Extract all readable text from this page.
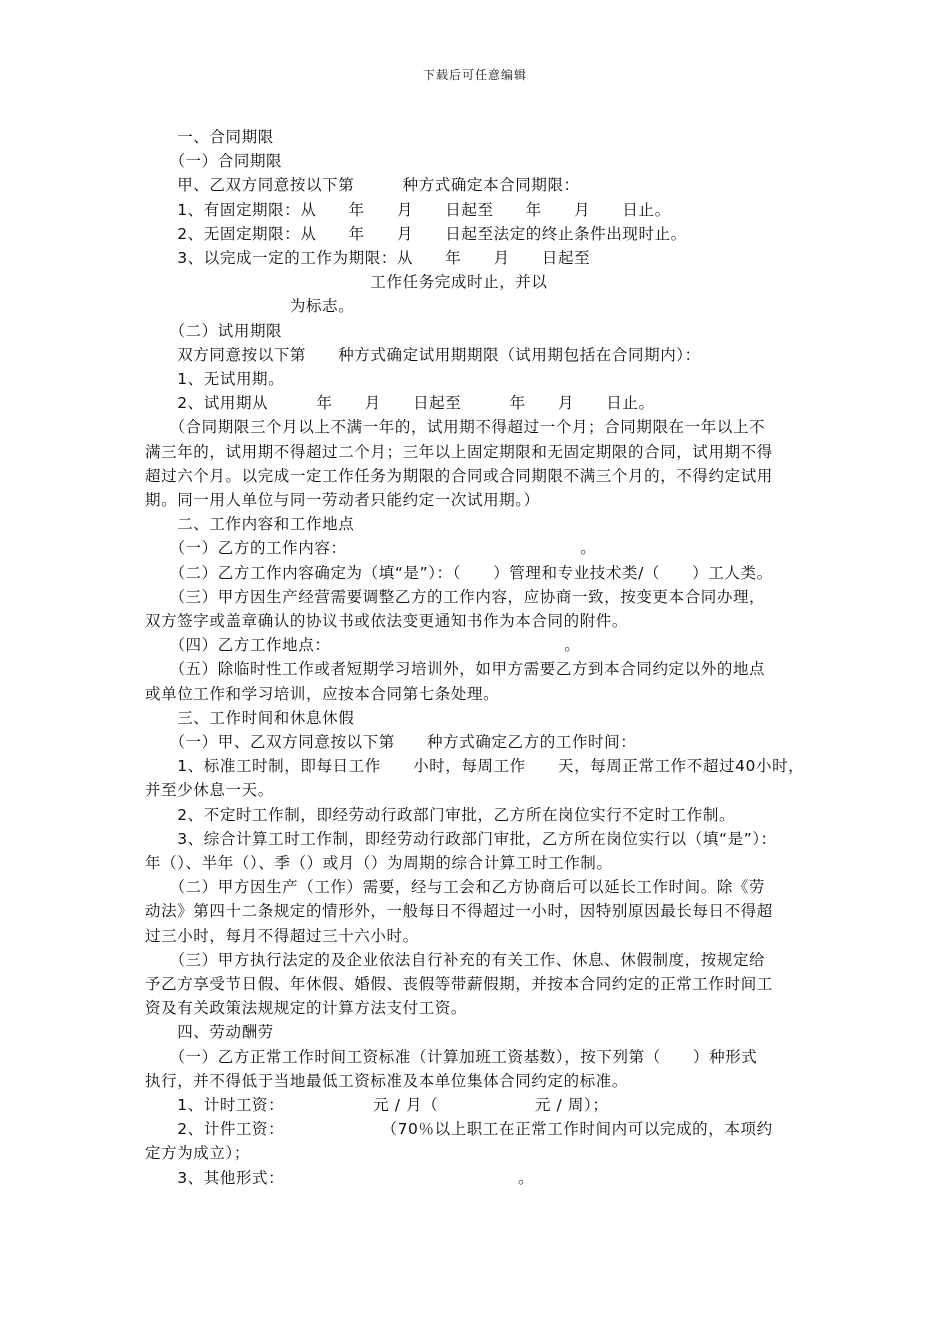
下载后可任意编辑
　　一、合同期限
　　（一）合同期限
　　甲、乙双方同意按以下第　　　种方式确定本合同期限：
　　1、有固定期限：从　　年　　月　　日起至　　年　　月　　日止。
　　2、无固定期限：从　　年　　月　　日起至法定的终止条件出现时止。
　　3、以完成一定的工作为期限：从　　年　　月　　日起至
　　　　　　　　　　　　　　工作任务完成时止，并以
　　　　　　　　　为标志。
　　（二）试用期限
　　双方同意按以下第　　种方式确定试用期期限（试用期包括在合同期内）：
　　1、无试用期。
　　2、试用期从　　　年　　月　　日起至　　　年　　月　　日止。
　　（合同期限三个月以上不满一年的，试用期不得超过一个月；合同期限在一年以上不
满三年的，试用期不得超过二个月；三年以上固定期限和无固定期限的合同，试用期不得
超过六个月。以完成一定工作任务为期限的合同或合同期限不满三个月的，不得约定试用
期。同一用人单位与同一劳动者只能约定一次试用期。）
　　二、工作内容和工作地点
　　（一）乙方的工作内容：　　　　　　　　　　　　　　　。
　　（二）乙方工作内容确定为（填“是”）：（　　）管理和专业技术类/（　　）工人类。
　　（三）甲方因生产经营需要调整乙方的工作内容，应协商一致，按变更本合同办理，
双方签字或盖章确认的协议书或依法变更通知书作为本合同的附件。
　　（四）乙方工作地点：　　　　　　　　　　　　　　　。
　　（五）除临时性工作或者短期学习培训外，如甲方需要乙方到本合同约定以外的地点
或单位工作和学习培训，应按本合同第七条处理。
　　三、工作时间和休息休假
　　（一）甲、乙双方同意按以下第　　种方式确定乙方的工作时间：
　　1、标准工时制，即每日工作　　小时，每周工作　　天，每周正常工作不超过40小时，
并至少休息一天。
　　2、不定时工作制，即经劳动行政部门审批，乙方所在岗位实行不定时工作制。
　　3、综合计算工时工作制，即经劳动行政部门审批，乙方所在岗位实行以（填“是”）：
年（）、半年（）、季（）或月（）为周期的综合计算工时工作制。
　　（二）甲方因生产（工作）需要，经与工会和乙方协商后可以延长工作时间。除《劳
动法》第四十二条规定的情形外，一般每日不得超过一小时，因特别原因最长每日不得超
过三小时，每月不得超过三十六小时。
　　（三）甲方执行法定的及企业依法自行补充的有关工作、休息、休假制度，按规定给
予乙方享受节日假、年休假、婚假、丧假等带薪假期，并按本合同约定的正常工作时间工
资及有关政策法规规定的计算方法支付工资。
　　四、劳动酬劳
　　（一）乙方正常工作时间工资标准（计算加班工资基数），按下列第（　　）种形式
执行，并不得低于当地最低工资标准及本单位集体合同约定的标准。
　　1、计时工资：　　　　　　元 / 月（　　　　　　元 / 周）；
　　2、计件工资：　　　　　　　（70％以上职工在正常工作时间内可以完成的，本项约
定方为成立）；
　　3、其他形式：　　　　　　　　　　　　　　　。
